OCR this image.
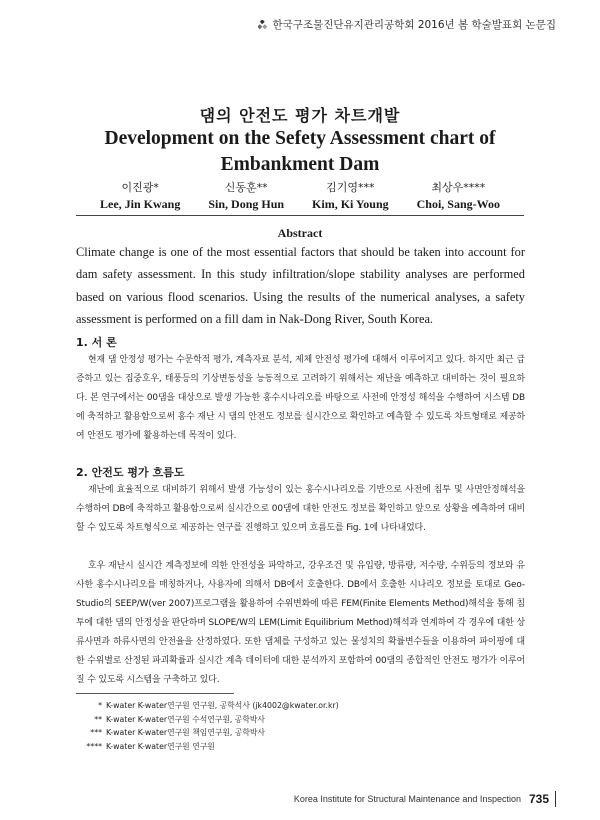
한국구조물진단유지관리공학회 2016년 봄 학술발표회 논문집
댐의 안전도 평가 차트개발
Development on the Sefety Assessment chart of
Embankment Dam
이진광*
Lee, Jin Kwang
신동훈**
Sin, Dong Hun
김기영***
Kim, Ki Young
최상우****
Choi, Sang-Woo
Abstract
Climate change is one of the most essential factors that should be taken into account for dam safety assessment. In this study infiltration/slope stability analyses are performed based on various flood scenarios. Using the results of the numerical analyses, a safety assessment is performed on a fill dam in Nak-Dong River, South Korea.
1. 서 론
현재 댐 안정성 평가는 수문학적 평가, 계측자료 분석, 제체 안전성 평가에 대해서 이루어지고 있다. 하지만 최근 급증하고 있는 집중호우, 태풍등의 기상변동성을 능동적으로 고려하기 위해서는 재난을 예측하고 대비하는 것이 필요하다. 본 연구에서는 00댐을 대상으로 발생 가능한 홍수시나리오를 바탕으로 사전에 안정성 해석을 수행하여 시스템 DB에 축적하고 활용함으로써 홍수 재난 시 댐의 안전도 정보를 실시간으로 확인하고 예측할 수 있도록 차트형태로 제공하여 안전도 평가에 활용하는데 목적이 있다.
2. 안전도 평가 흐름도
재난에 효율적으로 대비하기 위해서 발생 가능성이 있는 홍수시나리오를 기반으로 사전에 침투 및 사면안정해석을 수행하여 DB에 축적하고 활용함으로써 실시간으로 00댐에 대한 안전도 정보를 확인하고 앞으로 상황을 예측하여 대비할 수 있도록 차트형식으로 제공하는 연구를 진행하고 있으며 흐름도를 Fig. 1에 나타내었다.
호우 재난시 실시간 계측정보에 의한 안전성을 파악하고, 강우조건 및 유입량, 방류량, 저수량, 수위등의 정보와 유사한 홍수시나리오를 매칭하거나, 사용자에 의해서 DB에서 호출한다. DB에서 호출한 시나리오 정보를 토대로 Geo-Studio의 SEEP/W(ver 2007)프로그램을 활용하여 수위변화에 따른 FEM(Finite Elements Method)해석을 통해 침투에 대한 댐의 안정성을 판단하며 SLOPE/W의 LEM(Limit Equilibrium Method)해석과 연계하여 각 경우에 대한 상류사면과 하류사면의 안전율을 산정하였다. 또한 댐체를 구성하고 있는 물성치의 확률변수들을 이용하여 파이핑에 대한 수위별로 산정된 파괴확률과 실시간 계측 데이터에 대한 분석까지 포함하여 00댐의 종합적인 안전도 평가가 이루어질 수 있도록 시스템을 구축하고 있다.
* K-water K-water연구원 연구원, 공학석사 (jk4002@kwater.or.kr)
** K-water K-water연구원 수석연구원, 공학박사
*** K-water K-water연구원 책임연구원, 공학박사
**** K-water K-water연구원 연구원
Korea Institute for Structural Maintenance and Inspection 735
